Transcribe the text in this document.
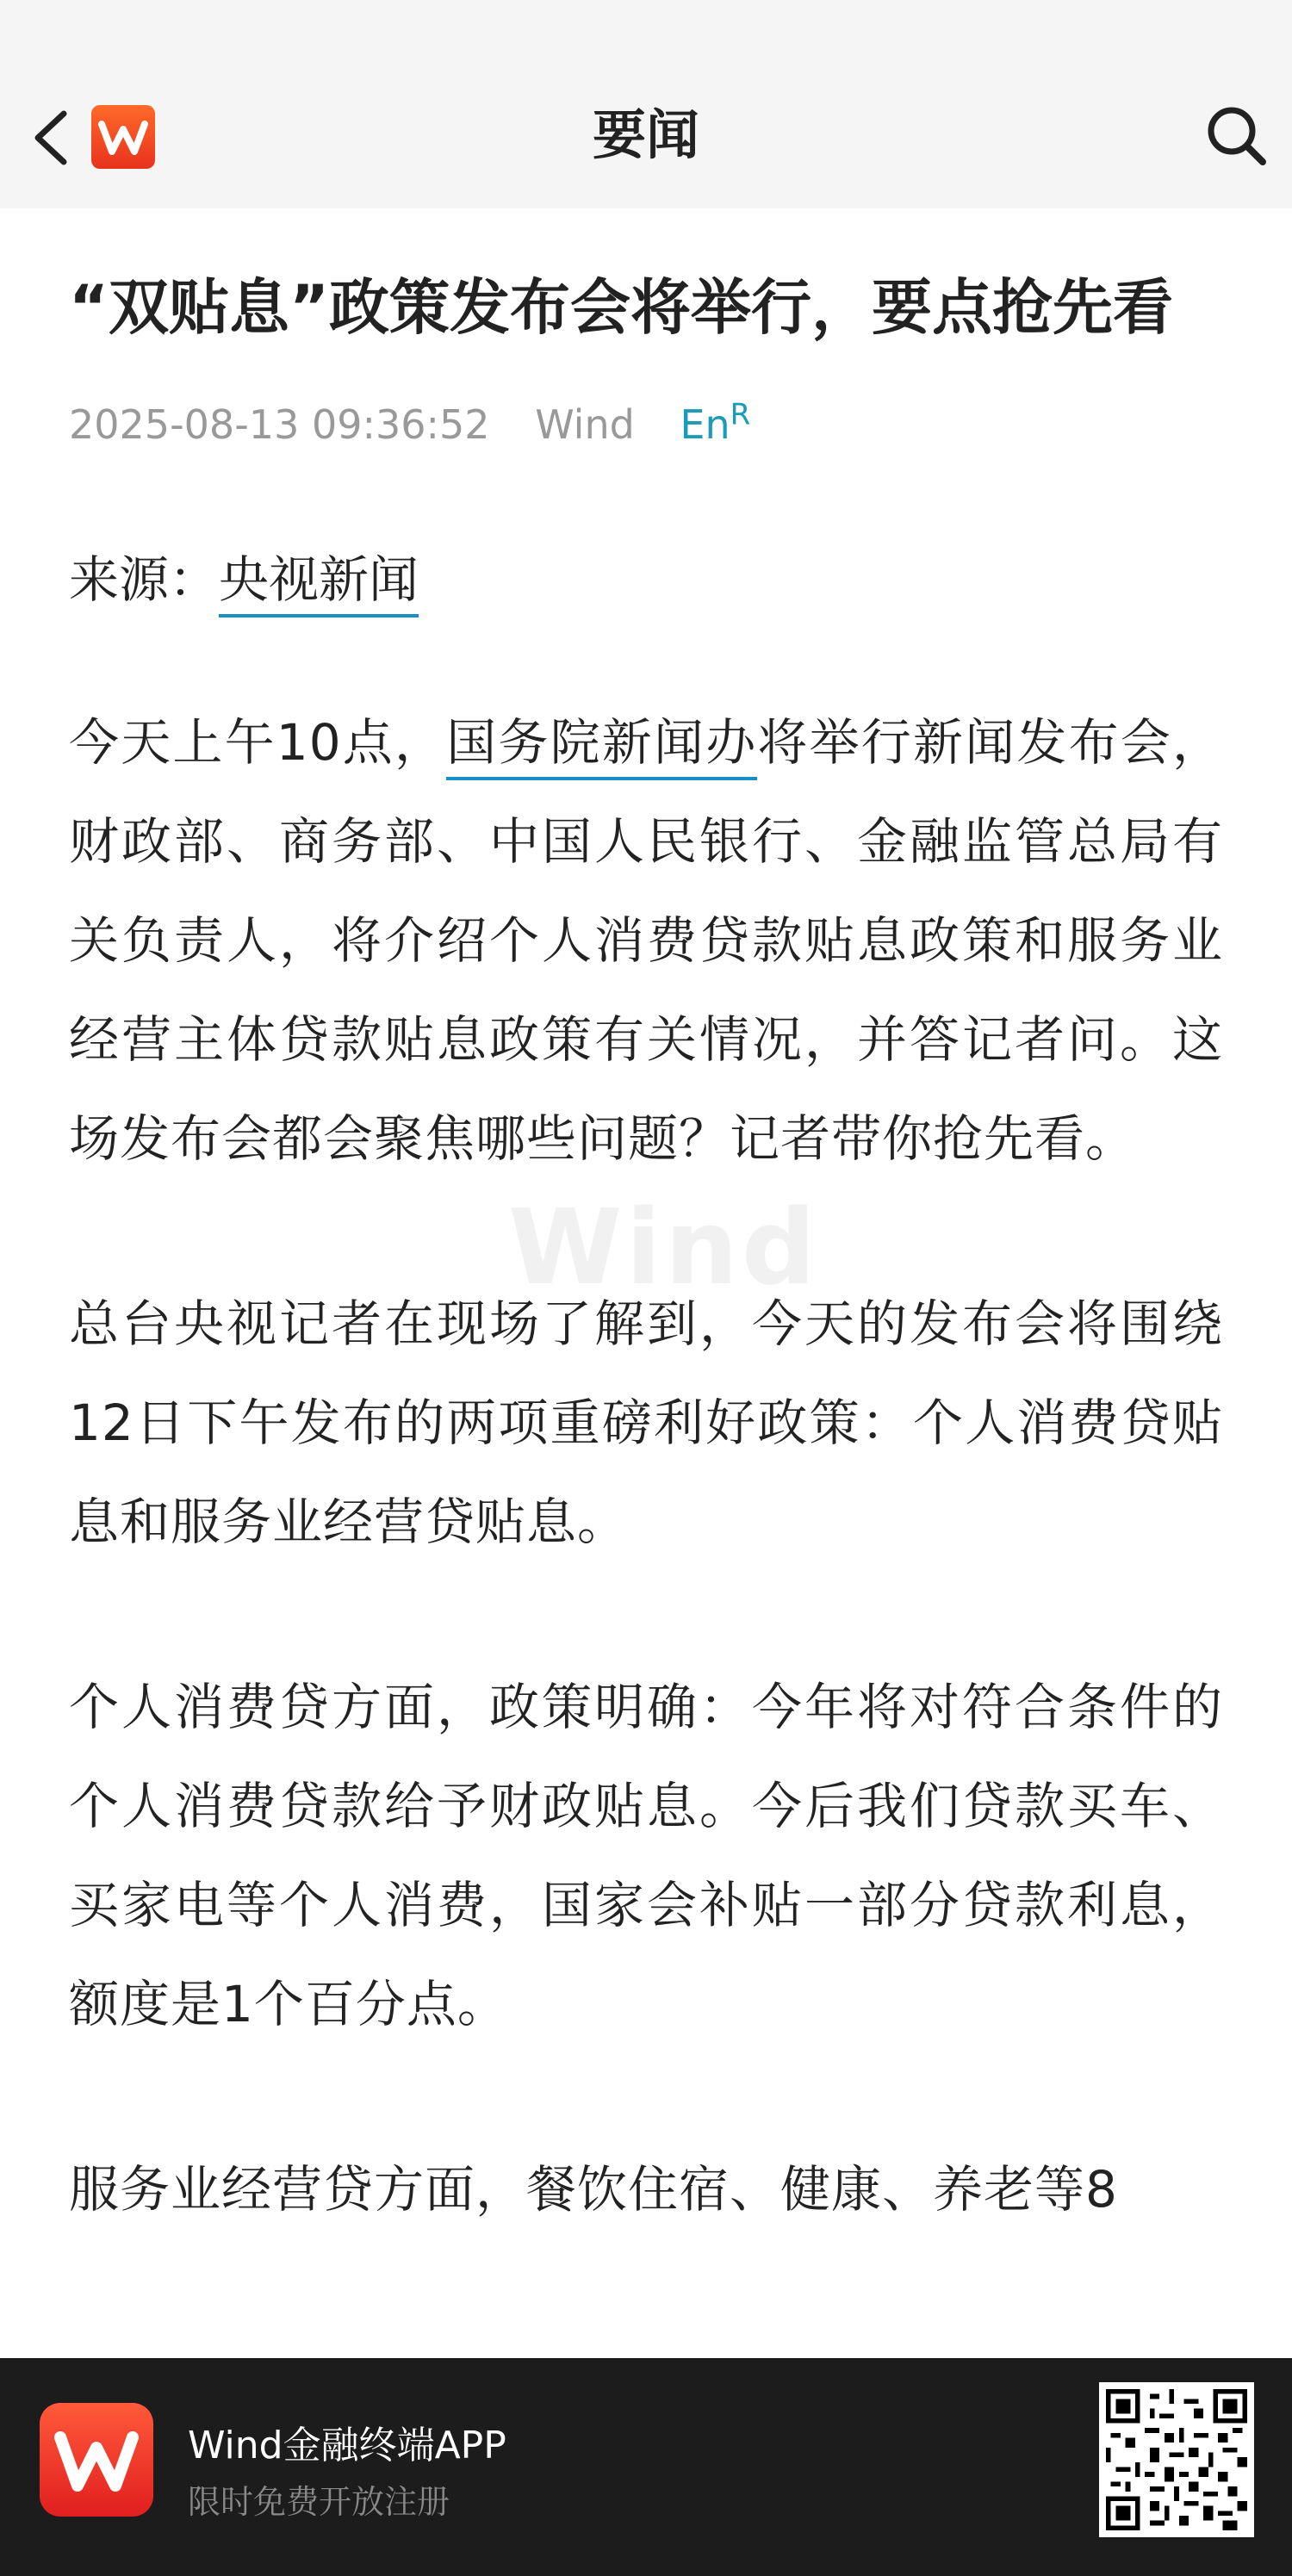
要闻
“双贴息”政策发布会将举行，要点抢先看
2025-08-13 09:36:52 Wind $En^R$
来源：央视新闻

今天上午10点，国务院新闻办将举行新闻发布会，财政部、商务部、中国人民银行、金融监管总局有关负责人，将介绍个人消费贷款贴息政策和服务业经营主体贷款贴息政策有关情况，并答记者问。这场发布会都会聚焦哪些问题？记者带你抢先看。

总台央视记者在现场了解到，今天的发布会将围绕12日下午发布的两项重磅利好政策：个人消费贷贴息和服务业经营贷贴息。

个人消费贷方面，政策明确：今年将对符合条件的个人消费贷款给予财政贴息。今后我们贷款买车、买家电等个人消费，国家会补贴一部分贷款利息，额度是1个百分点。

服务业经营贷方面，餐饮住宿、健康、养老等8

Wind
Wind金融终端APP
限时免费开放注册
